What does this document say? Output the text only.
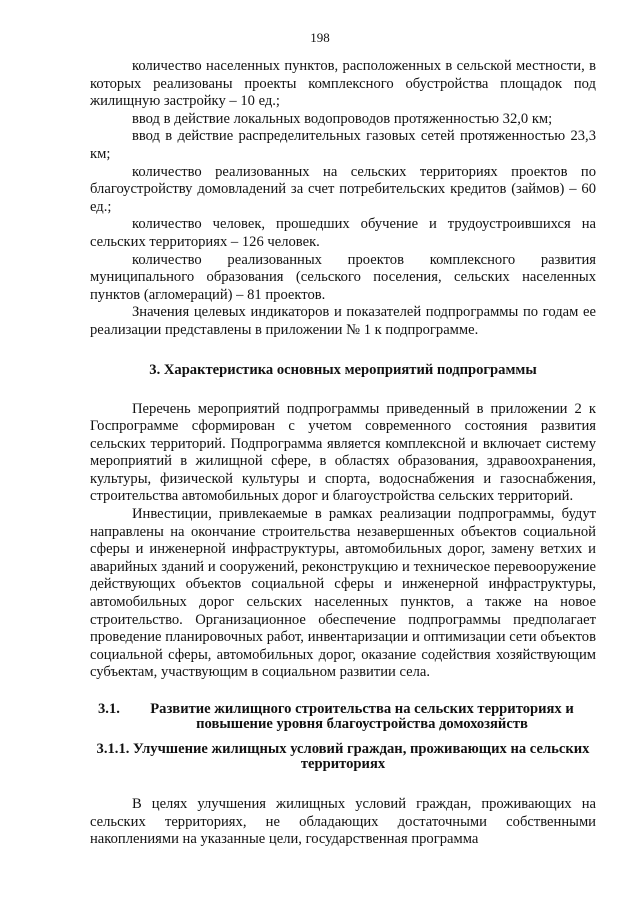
198

количество населенных пунктов, расположенных в сельской местности, в которых реализованы проекты комплексного обустройства площадок под жилищную застройку – 10 ед.;

ввод в действие локальных водопроводов протяженностью 32,0 км;

ввод в действие распределительных газовых сетей протяженностью 23,3 км;

количество реализованных на сельских территориях проектов по благоустройству домовладений за счет потребительских кредитов (займов) – 60 ед.;

количество человек, прошедших обучение и трудоустроившихся на сельских территориях – 126 человек.

количество реализованных проектов комплексного развития муниципального образования (сельского поселения, сельских населенных пунктов (агломераций) – 81 проектов.

Значения целевых индикаторов и показателей подпрограммы по годам ее реализации представлены в приложении № 1 к подпрограмме.

3. Характеристика основных мероприятий подпрограммы

Перечень мероприятий подпрограммы приведенный в приложении 2 к Госпрограмме сформирован с учетом современного состояния развития сельских территорий. Подпрограмма является комплексной и включает систему мероприятий в жилищной сфере, в областях образования, здравоохранения, культуры, физической культуры и спорта, водоснабжения и газоснабжения, строительства автомобильных дорог и благоустройства сельских территорий.

Инвестиции, привлекаемые в рамках реализации подпрограммы, будут направлены на окончание строительства незавершенных объектов социальной сферы и инженерной инфраструктуры, автомобильных дорог, замену ветхих и аварийных зданий и сооружений, реконструкцию и техническое перевооружение действующих объектов социальной сферы и инженерной инфраструктуры, автомобильных дорог сельских населенных пунктов, а также на новое строительство. Организационное обеспечение подпрограммы предполагает проведение планировочных работ, инвентаризации и оптимизации сети объектов социальной сферы, автомобильных дорог, оказание содействия хозяйствующим субъектам, участвующим в социальном развитии села.

3.1.	Развитие жилищного строительства на сельских территориях и повышение уровня благоустройства домохозяйств
3.1.1. Улучшение жилищных условий граждан, проживающих на сельских территориях

В целях улучшения жилищных условий граждан, проживающих на сельских территориях, не обладающих достаточными собственными накоплениями на указанные цели, государственная программа
